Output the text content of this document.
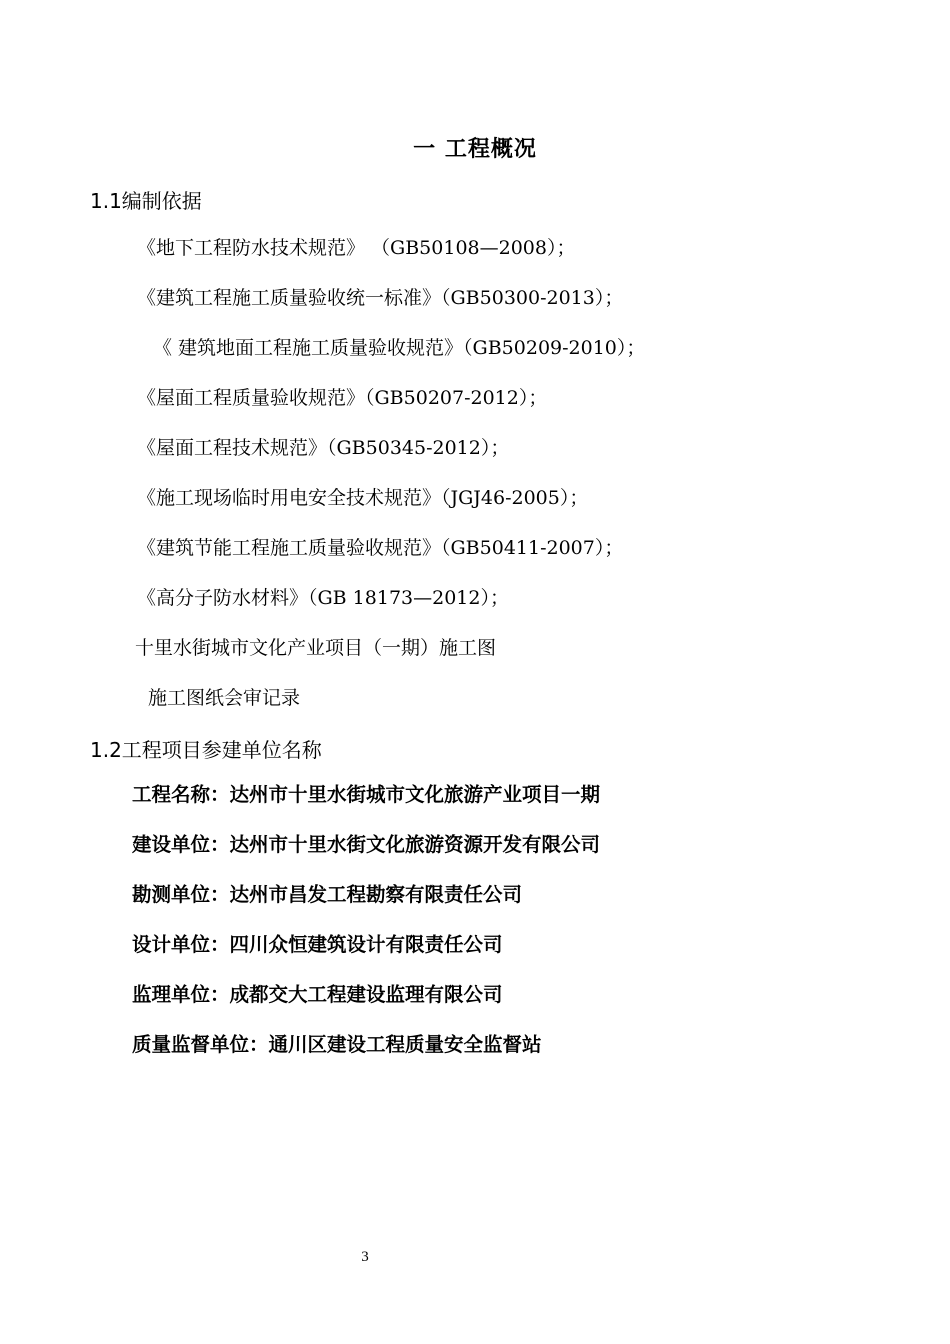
一 工程概况
1.1编制依据
《地下工程防水技术规范》 （GB50108—2008）；
《建筑工程施工质量验收统一标准》（GB50300-2013）；
《 建筑地面工程施工质量验收规范》（GB50209-2010）；
《屋面工程质量验收规范》（GB50207-2012）；
《屋面工程技术规范》（GB50345-2012）；
《施工现场临时用电安全技术规范》（JGJ46-2005）；
《建筑节能工程施工质量验收规范》（GB50411-2007）；
《高分子防水材料》（GB 18173—2012）；
十里水街城市文化产业项目（一期）施工图
施工图纸会审记录
1.2工程项目参建单位名称
工程名称：达州市十里水街城市文化旅游产业项目一期
建设单位：达州市十里水街文化旅游资源开发有限公司
勘测单位：达州市昌发工程勘察有限责任公司
设计单位：四川众恒建筑设计有限责任公司
监理单位：成都交大工程建设监理有限公司
质量监督单位：通川区建设工程质量安全监督站
3
